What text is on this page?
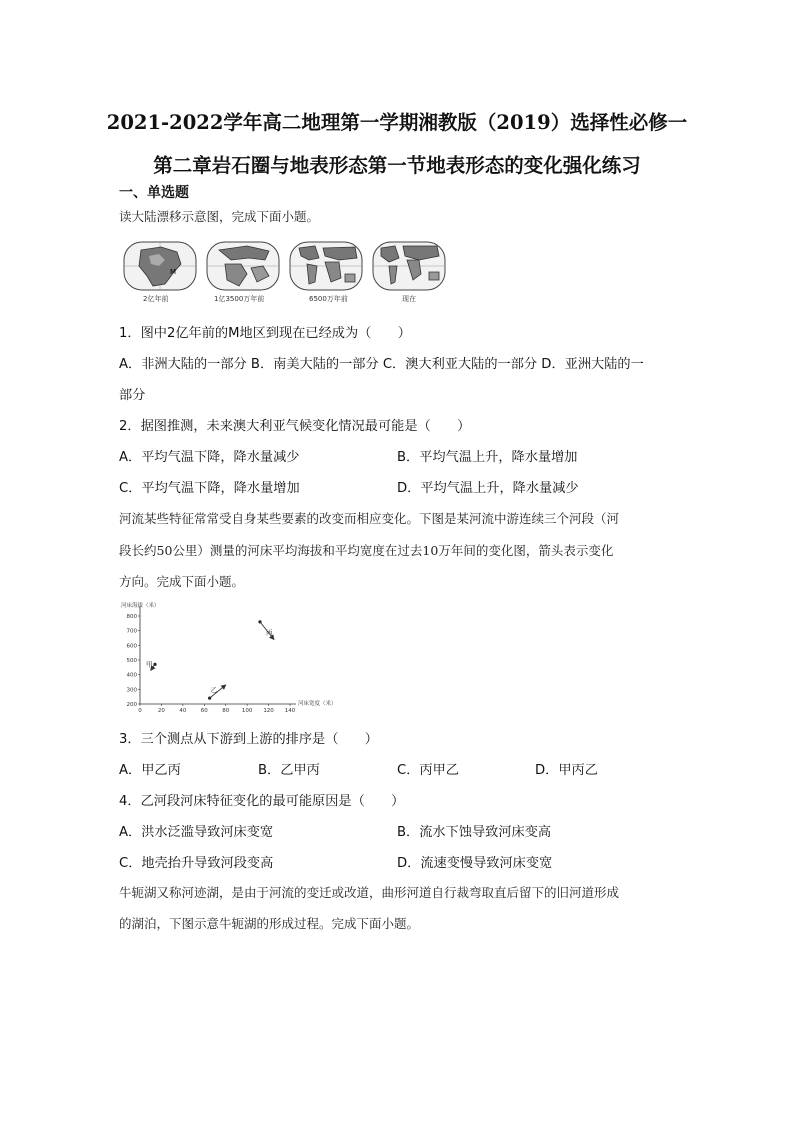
2021-2022学年高二地理第一学期湘教版（2019）选择性必修一
第二章岩石圈与地表形态第一节地表形态的变化强化练习
一、单选题
读大陆漂移示意图，完成下面小题。
M
2亿年前	1亿3500万年前	6500万年前	现在
1．图中2亿年前的M地区到现在已经成为（　　）
A．非洲大陆的一部分 B．南美大陆的一部分 C．澳大利亚大陆的一部分 D．亚洲大陆的一
部分
2．据图推测，未来澳大利亚气候变化情况最可能是（　　）
A．平均气温下降，降水量减少	B．平均气温上升，降水量增加
C．平均气温下降，降水量增加	D．平均气温上升，降水量减少
河流某些特征常常受自身某些要素的改变而相应变化。下图是某河流中游连续三个河段（河
段长约50公里）测量的河床平均海拔和平均宽度在过去10万年间的变化图，箭头表示变化
方向。完成下面小题。
河床海拔（米）
河床宽度（米）
0	20	40	60	80 100 120 140
200
300
400
500
600
700
800
甲
乙
丙
3．三个测点从下游到上游的排序是（　　）
A．甲乙丙	B．乙甲丙	C．丙甲乙	D．甲丙乙
4．乙河段河床特征变化的最可能原因是（　　）
A．洪水泛滥导致河床变宽	B．流水下蚀导致河床变高
C．地壳抬升导致河段变高	D．流速变慢导致河床变宽
牛轭湖又称河迹湖，是由于河流的变迁或改道，曲形河道自行裁弯取直后留下的旧河道形成
的湖泊，下图示意牛轭湖的形成过程。完成下面小题。
